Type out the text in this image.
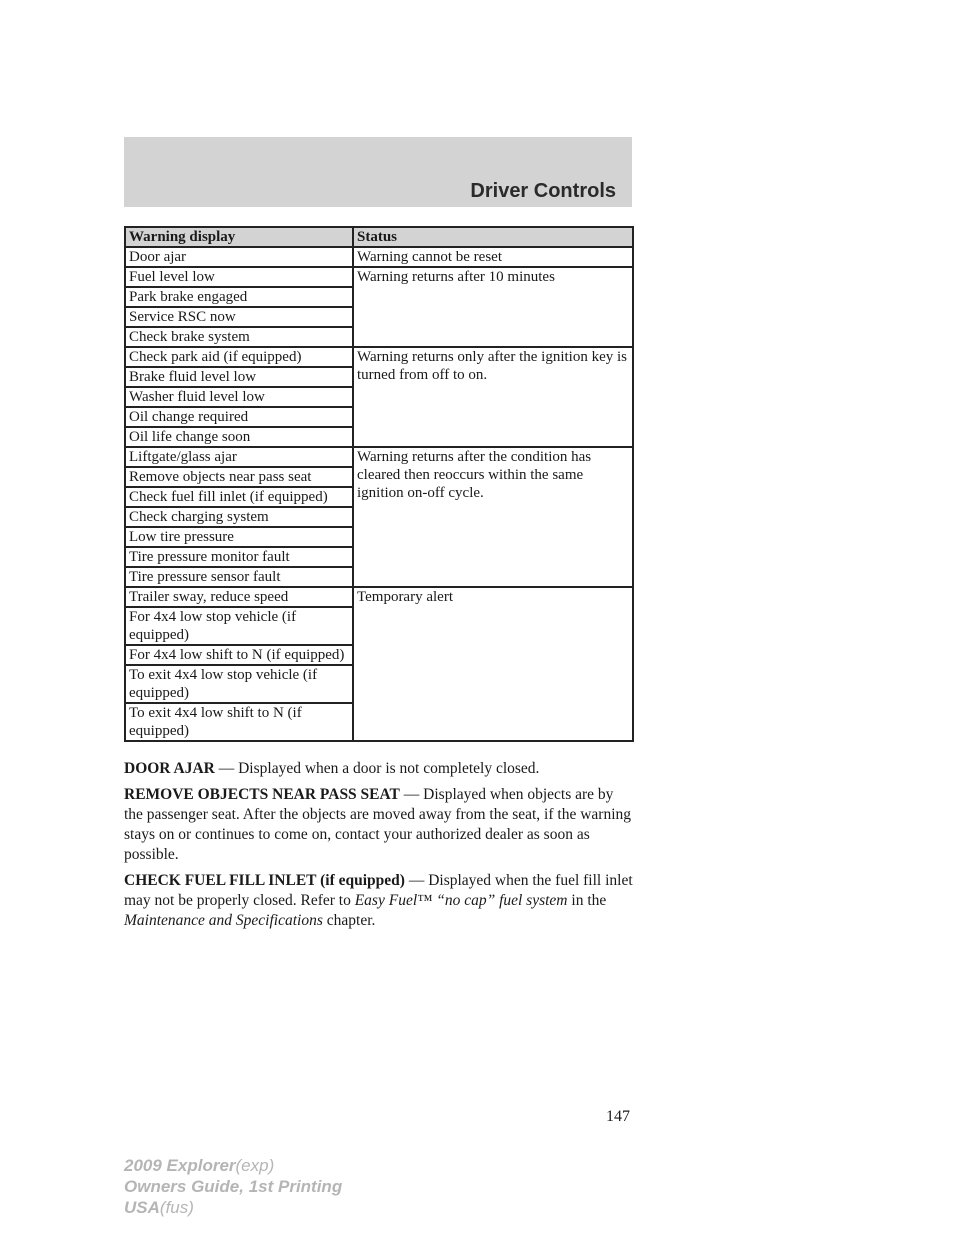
Driver Controls
Warning display	Status
Door ajar	Warning cannot be reset
Fuel level low	Warning returns after 10 minutes
Park brake engaged	
Service RSC now	
Check brake system	
Check park aid (if equipped)	Warning returns only after the ignition key is turned from off to on.
Brake fluid level low	
Washer fluid level low	
Oil change required	
Oil life change soon	
Liftgate/glass ajar	Warning returns after the condition has cleared then reoccurs within the same ignition on-off cycle.
Remove objects near pass seat	
Check fuel fill inlet (if equipped)	
Check charging system	
Low tire pressure	
Tire pressure monitor fault	
Tire pressure sensor fault	
Trailer sway, reduce speed	Temporary alert
For 4x4 low stop vehicle (if equipped)	
For 4x4 low shift to N (if equipped)	
To exit 4x4 low stop vehicle (if equipped)	
To exit 4x4 low shift to N (if equipped)	

DOOR AJAR — Displayed when a door is not completely closed.

REMOVE OBJECTS NEAR PASS SEAT — Displayed when objects are by the passenger seat. After the objects are moved away from the seat, if the warning stays on or continues to come on, contact your authorized dealer as soon as possible.

CHECK FUEL FILL INLET (if equipped) — Displayed when the fuel fill inlet may not be properly closed. Refer to Easy Fuel™ “no cap” fuel system in the Maintenance and Specifications chapter.

147
2009 Explorer(exp)
Owners Guide, 1st Printing
USA(fus)
